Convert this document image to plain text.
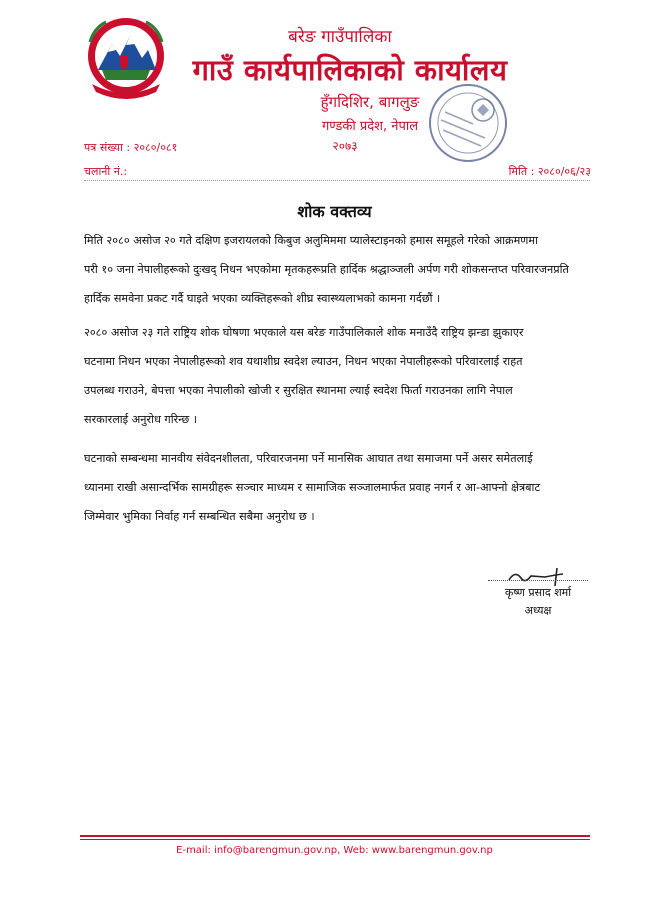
बरेङ गाउँपालिका
गाउँ कार्यपालिकाको कार्यालय
हुँगदिशिर, बागलुङ
गण्डकी प्रदेश, नेपाल
२०७३
पत्र संख्या : २०८०/०८१
चलानी नं.:	मिति : २०८०/०६/२३
शोक वक्तव्य
मिति २०८० असोज २० गते दक्षिण इजरायलको किबुज अलुमिममा प्यालेस्टाइनको हमास समूहले गरेको आक्रमणमा
परी १० जना नेपालीहरूको दुःखद् निधन भएकोमा मृतकहरूप्रति हार्दिक श्रद्धाञ्जली अर्पण गरी शोकसन्तप्त परिवारजनप्रति
हार्दिक समवेना प्रकट गर्दै घाइते भएका व्यक्तिहरूको शीघ्र स्वास्थ्यलाभको कामना गर्दछौं ।
२०८० असोज २३ गते राष्ट्रिय शोक घोषणा भएकाले यस बरेङ गाउँपालिकाले शोक मनाउँदै राष्ट्रिय झन्डा झुकाएर
घटनामा निधन भएका नेपालीहरूको शव यथाशीघ्र स्वदेश ल्याउन, निधन भएका नेपालीहरूको परिवारलाई राहत
उपलब्ध गराउने, बेपत्ता भएका नेपालीको खोजी र सुरक्षित स्थानमा ल्याई स्वदेश फिर्ता गराउनका लागि नेपाल
सरकारलाई अनुरोध गरिन्छ ।
घटनाको सम्बन्धमा मानवीय संवेदनशीलता, परिवारजनमा पर्ने मानसिक आघात तथा समाजमा पर्ने असर समेतलाई
ध्यानमा राखी असान्दर्भिक सामग्रीहरू सञ्चार माध्यम र सामाजिक सञ्जालमार्फत प्रवाह नगर्न र आ-आफ्नो क्षेत्रबाट
जिम्मेवार भुमिका निर्वाह गर्न सम्बन्धित सबैमा अनुरोध छ ।
कृष्ण प्रसाद शर्मा
अध्यक्ष
E-mail: info@barengmun.gov.np, Web: www.barengmun.gov.np
